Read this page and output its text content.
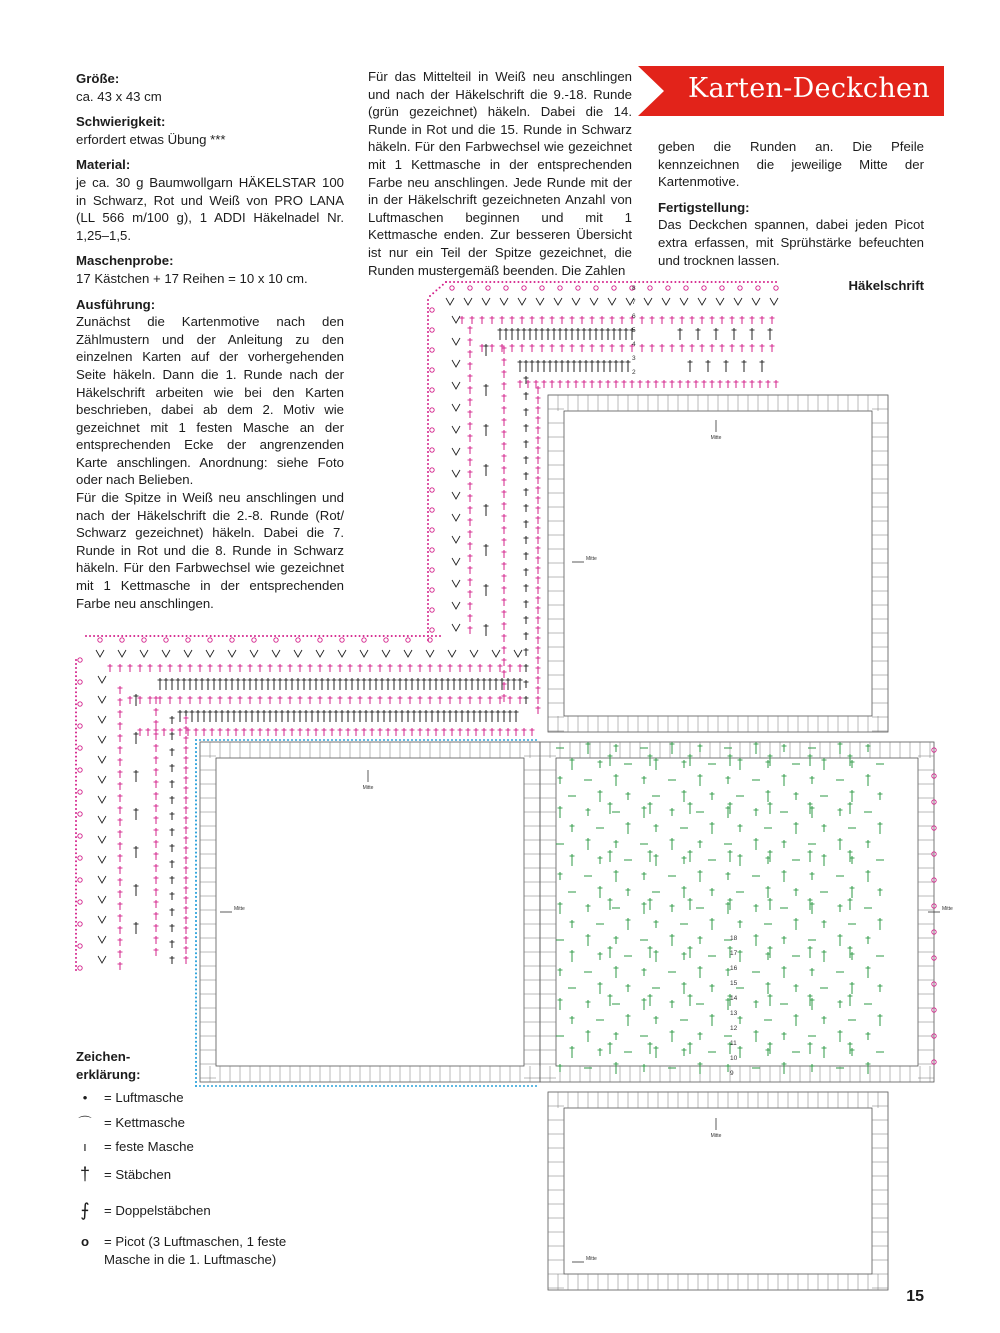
Karten-Deckchen

Größe:

ca. 43 x 43 cm

Schwierigkeit:

erfordert etwas Übung ***

Material:

je ca. 30 g Baumwollgarn HÄKELSTAR 100 in Schwarz, Rot und Weiß von PRO LANA (LL 566 m/100 g), 1 ADDI Häkelnadel Nr. 1,25–1,5.

Maschenprobe:

17 Kästchen + 17 Reihen = 10 x 10 cm.

Ausführung:

Zunächst die Kartenmotive nach den Zählmustern und der Anleitung zu den einzelnen Karten auf der vorhergehenden Seite häkeln. Dann die 1. Runde nach der Häkelschrift arbeiten wie bei den Karten beschrieben, dabei ab dem 2. Motiv wie gezeichnet mit 1 festen Masche an der entsprechenden Ecke der angrenzenden Karte anschlingen. Anordnung: siehe Foto oder nach Belieben.

Für die Spitze in Weiß neu anschlingen und nach der Häkelschrift die 2.-8. Runde (Rot/ Schwarz gezeichnet) häkeln. Dabei die 7. Runde in Rot und die 8. Runde in Schwarz häkeln. Für den Farbwechsel wie gezeichnet mit 1 Kettmasche in der entsprechenden Farbe neu anschlingen.

Für das Mittelteil in Weiß neu anschlingen und nach der Häkelschrift die 9.-18. Runde (grün gezeichnet) häkeln. Dabei die 14. Runde in Rot und die 15. Runde in Schwarz häkeln. Für den Farbwechsel wie gezeichnet mit 1 Kettmasche in der entsprechenden Farbe neu anschlingen. Jede Runde mit der in der Häkelschrift gezeichneten Anzahl von Luftmaschen beginnen und mit 1 Kettmasche enden. Zur besseren Übersicht ist nur ein Teil der Spitze gezeichnet, die Runden mustergemäß beenden. Die Zahlen

geben die Runden an. Die Pfeile kennzeichnen die jeweilige Mitte der Kartenmotive.

Fertigstellung:

Das Deckchen spannen, dabei jeden Picot extra erfassen, mit Sprühstärke befeuchten und trocknen lassen.

Häkelschrift
Mitte
Mitte
Mitte
Mitte	Mitte
Mitte
Mitte
8
7
6
5
4
3
2
18
17
16
15
14
13
12
11
10
9
Zeichen-
erklärung:
•	= Luftmasche
⌒ = Kettmasche
ı	= feste Masche
†	= Stäbchen
⨍	= Doppelstäbchen
o	= Picot (3 Luftmaschen, 1 feste Masche in die 1. Luftmasche)
15
